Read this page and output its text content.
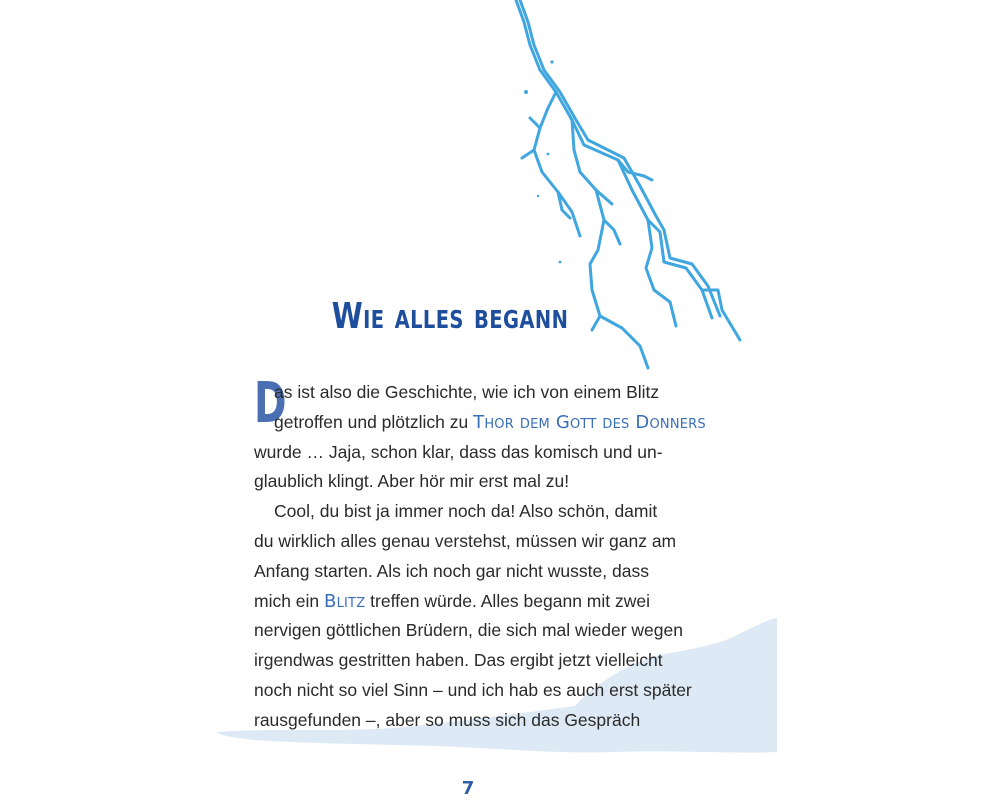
Wie alles begann
D
as ist also die Geschichte, wie ich von einem Blitz
getroffen und plötzlich zu Thor dem Gott des Donners
wurde … Jaja, schon klar, dass das komisch und un-
glaublich klingt. Aber hör mir erst mal zu!
Cool, du bist ja immer noch da! Also schön, damit
du wirklich alles genau verstehst, müssen wir ganz am
Anfang starten. Als ich noch gar nicht wusste, dass
mich ein Blitz treffen würde. Alles begann mit zwei
nervigen göttlichen Brüdern, die sich mal wieder wegen
irgendwas gestritten haben. Das ergibt jetzt vielleicht
noch nicht so viel Sinn – und ich hab es auch erst später
rausgefunden –, aber so muss sich das Gespräch
7
